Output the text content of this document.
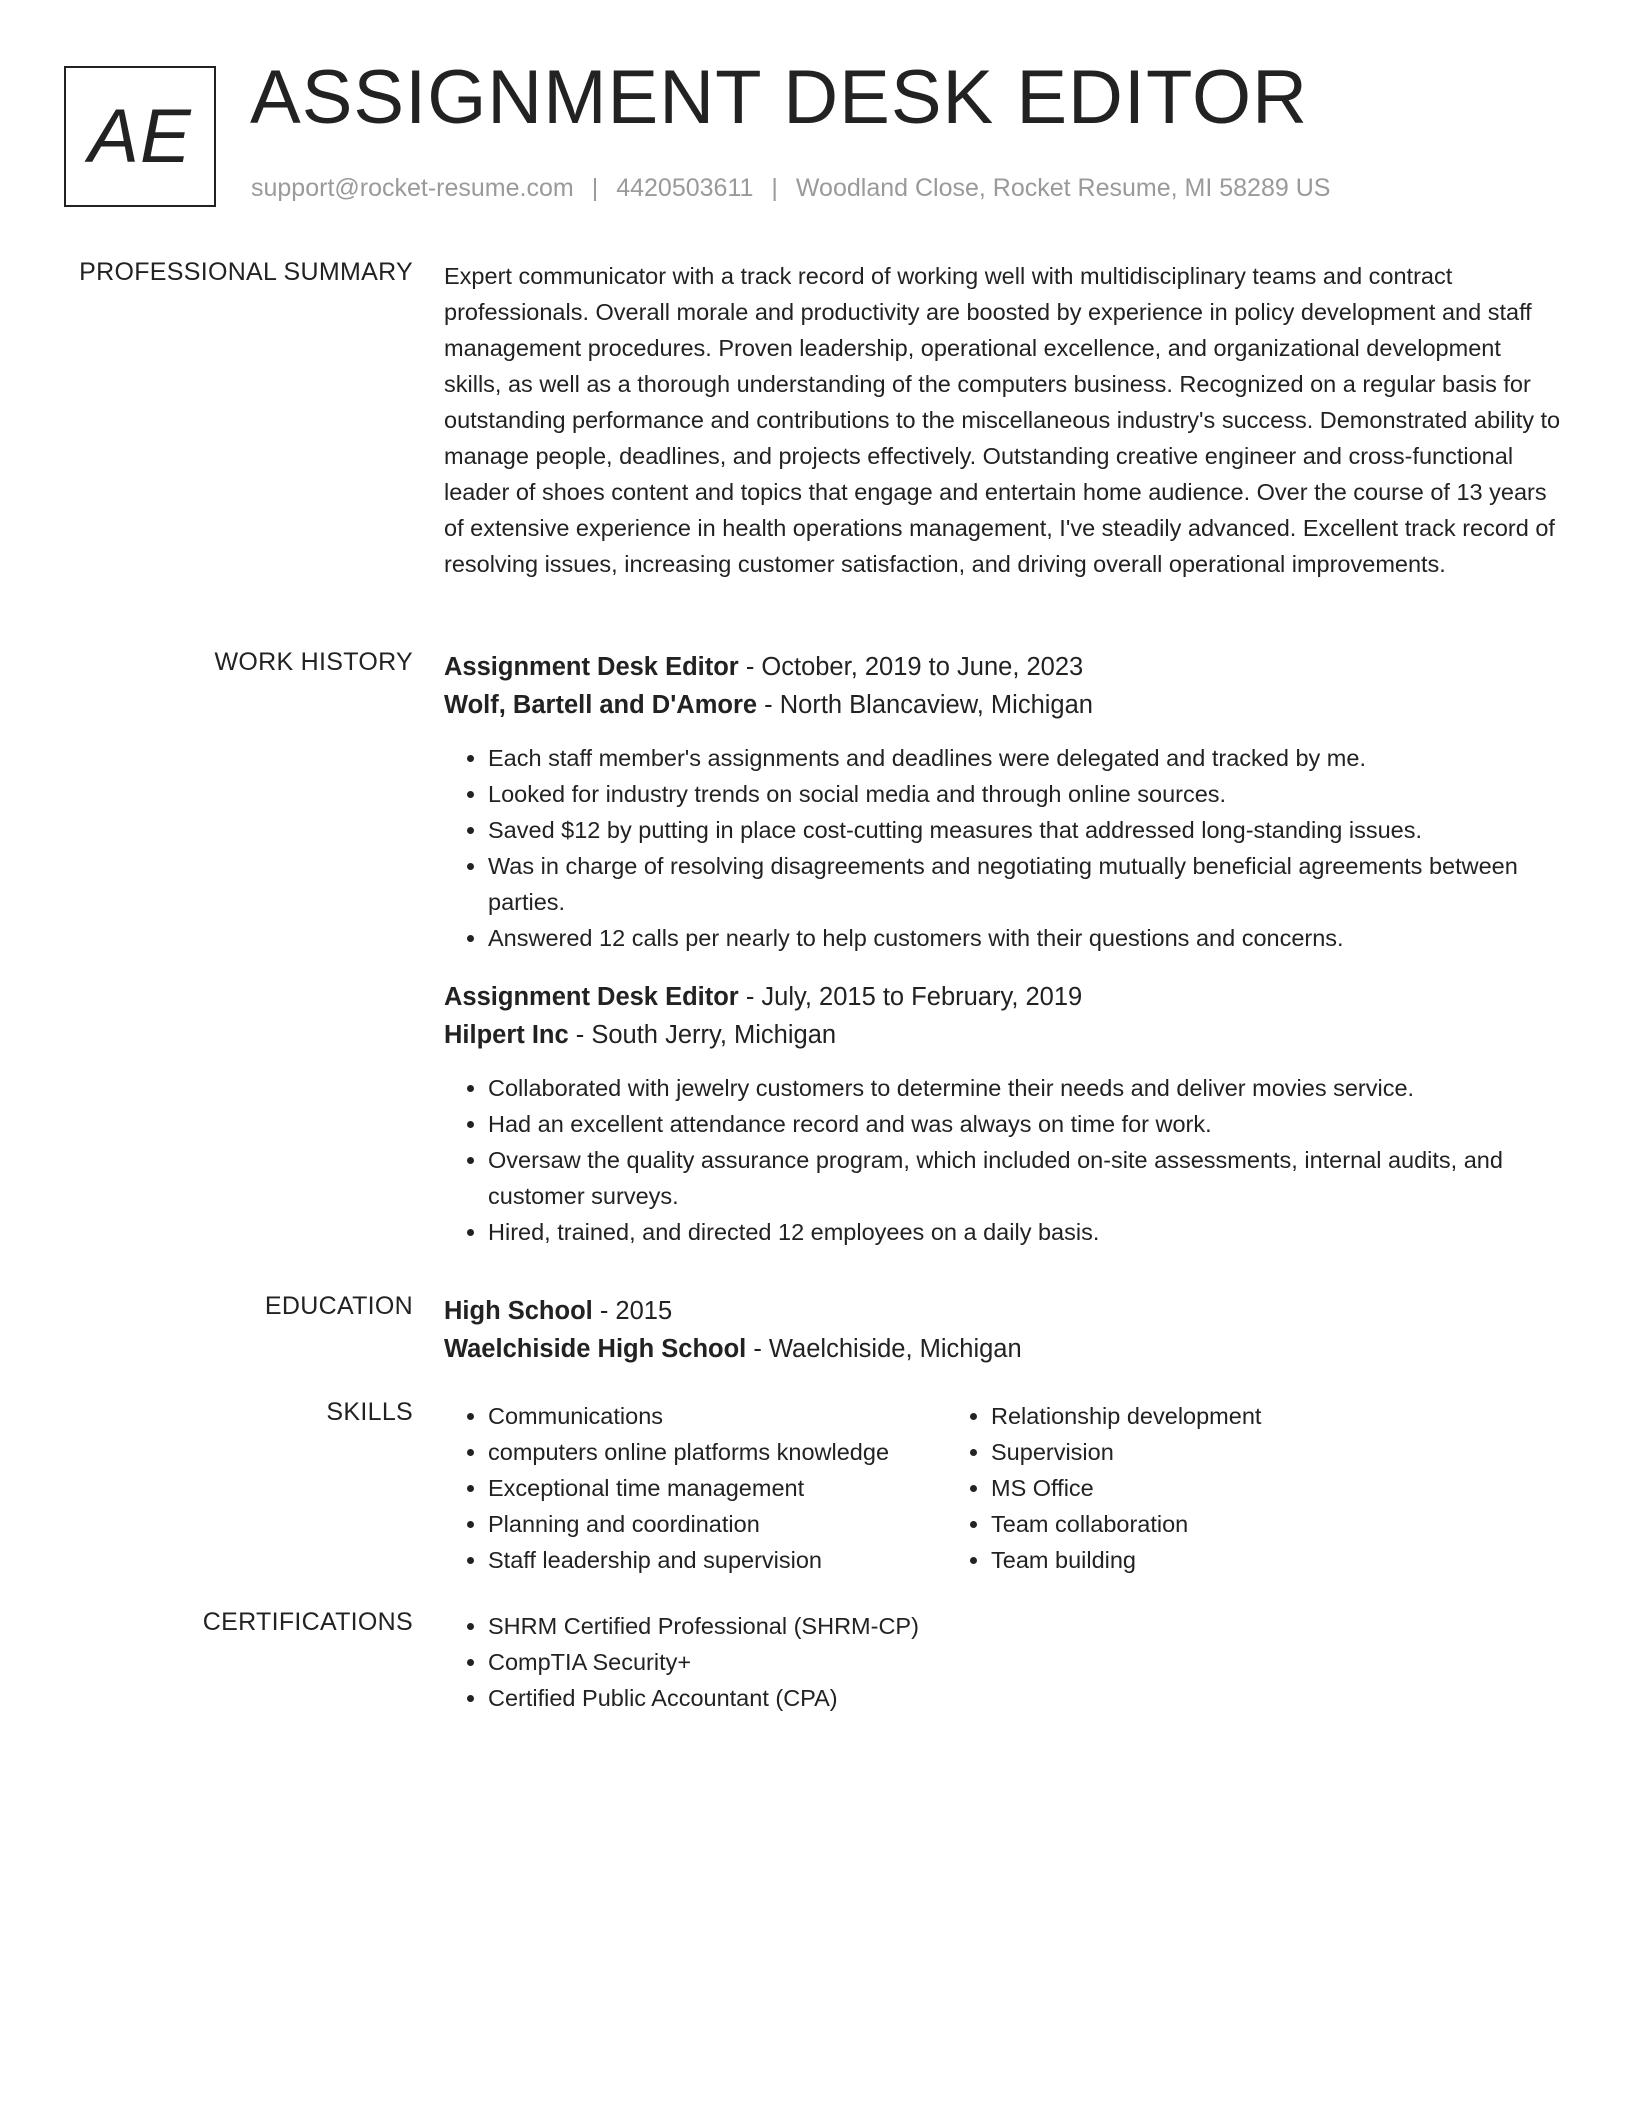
AE ASSIGNMENT DESK EDITOR
support@rocket-resume.com | 4420503611 | Woodland Close, Rocket Resume, MI 58289 US
PROFESSIONAL SUMMARY Expert communicator with a track record of working well with multidisciplinary teams and contract professionals. Overall morale and productivity are boosted by experience in policy development and staff management procedures. Proven leadership, operational excellence, and organizational development skills, as well as a thorough understanding of the computers business. Recognized on a regular basis for outstanding performance and contributions to the miscellaneous industry's success. Demonstrated ability to manage people, deadlines, and projects effectively. Outstanding creative engineer and cross-functional leader of shoes content and topics that engage and entertain home audience. Over the course of 13 years of extensive experience in health operations management, I've steadily advanced. Excellent track record of resolving issues, increasing customer satisfaction, and driving overall operational improvements.

WORK HISTORY Assignment Desk Editor - October, 2019 to June, 2023
Wolf, Bartell and D'Amore - North Blancaview, Michigan
• Each staff member's assignments and deadlines were delegated and tracked by me.
• Looked for industry trends on social media and through online sources.
• Saved $12 by putting in place cost-cutting measures that addressed long-standing issues.
• Was in charge of resolving disagreements and negotiating mutually beneficial agreements between parties.
• Answered 12 calls per nearly to help customers with their questions and concerns.
Assignment Desk Editor - July, 2015 to February, 2019
Hilpert Inc - South Jerry, Michigan
• Collaborated with jewelry customers to determine their needs and deliver movies service.
• Had an excellent attendance record and was always on time for work.
• Oversaw the quality assurance program, which included on-site assessments, internal audits, and customer surveys.
• Hired, trained, and directed 12 employees on a daily basis.
EDUCATION High School - 2015
Waelchiside High School - Waelchiside, Michigan
SKILLS	• Communications
• computers online platforms knowledge
• Exceptional time management
• Planning and coordination
• Staff leadership and supervision
• Relationship development
• Supervision
• MS Office
• Team collaboration
• Team building
CERTIFICATIONS	• SHRM Certified Professional (SHRM-CP)
• CompTIA Security+
• Certified Public Accountant (CPA)
